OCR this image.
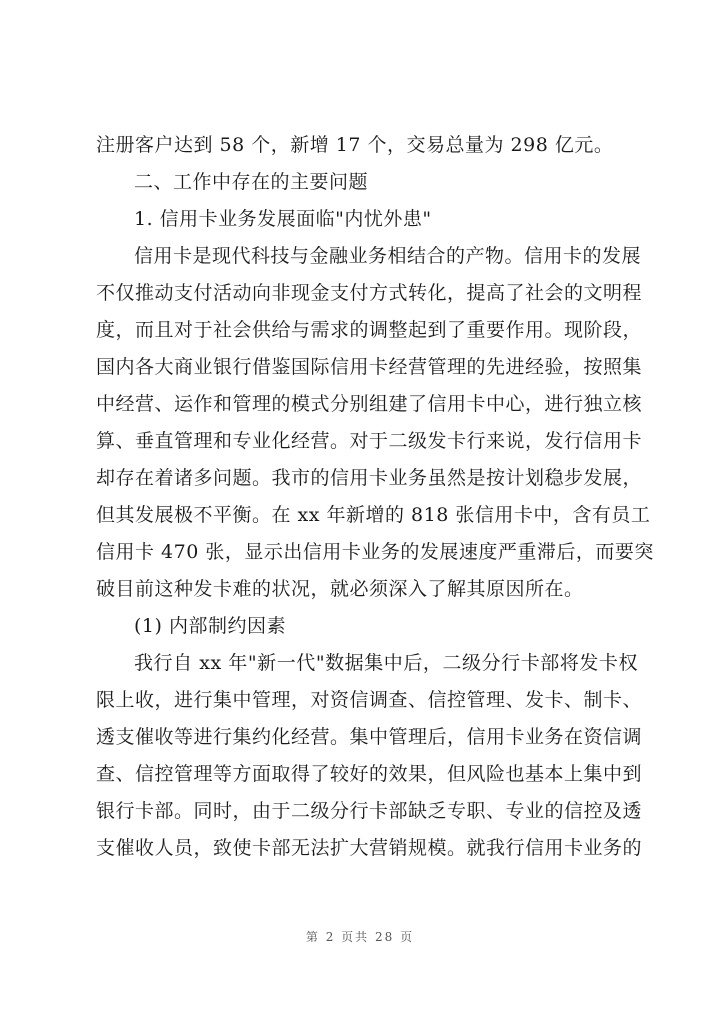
注册客户达到 58 个，新增 17 个，交易总量为 298 亿元。
二、工作中存在的主要问题
1. 信用卡业务发展面临"内忧外患"
信用卡是现代科技与金融业务相结合的产物。信用卡的发展
不仅推动支付活动向非现金支付方式转化，提高了社会的文明程
度，而且对于社会供给与需求的调整起到了重要作用。现阶段，
国内各大商业银行借鉴国际信用卡经营管理的先进经验，按照集
中经营、运作和管理的模式分别组建了信用卡中心，进行独立核
算、垂直管理和专业化经营。对于二级发卡行来说，发行信用卡
却存在着诸多问题。我市的信用卡业务虽然是按计划稳步发展，
但其发展极不平衡。在 xx 年新增的 818 张信用卡中，含有员工
信用卡 470 张，显示出信用卡业务的发展速度严重滞后，而要突
破目前这种发卡难的状况，就必须深入了解其原因所在。
(1) 内部制约因素
我行自 xx 年"新一代"数据集中后，二级分行卡部将发卡权
限上收，进行集中管理，对资信调查、信控管理、发卡、制卡、
透支催收等进行集约化经营。集中管理后，信用卡业务在资信调
查、信控管理等方面取得了较好的效果，但风险也基本上集中到
银行卡部。同时，由于二级分行卡部缺乏专职、专业的信控及透
支催收人员，致使卡部无法扩大营销规模。就我行信用卡业务的
第 2 页共 28 页
